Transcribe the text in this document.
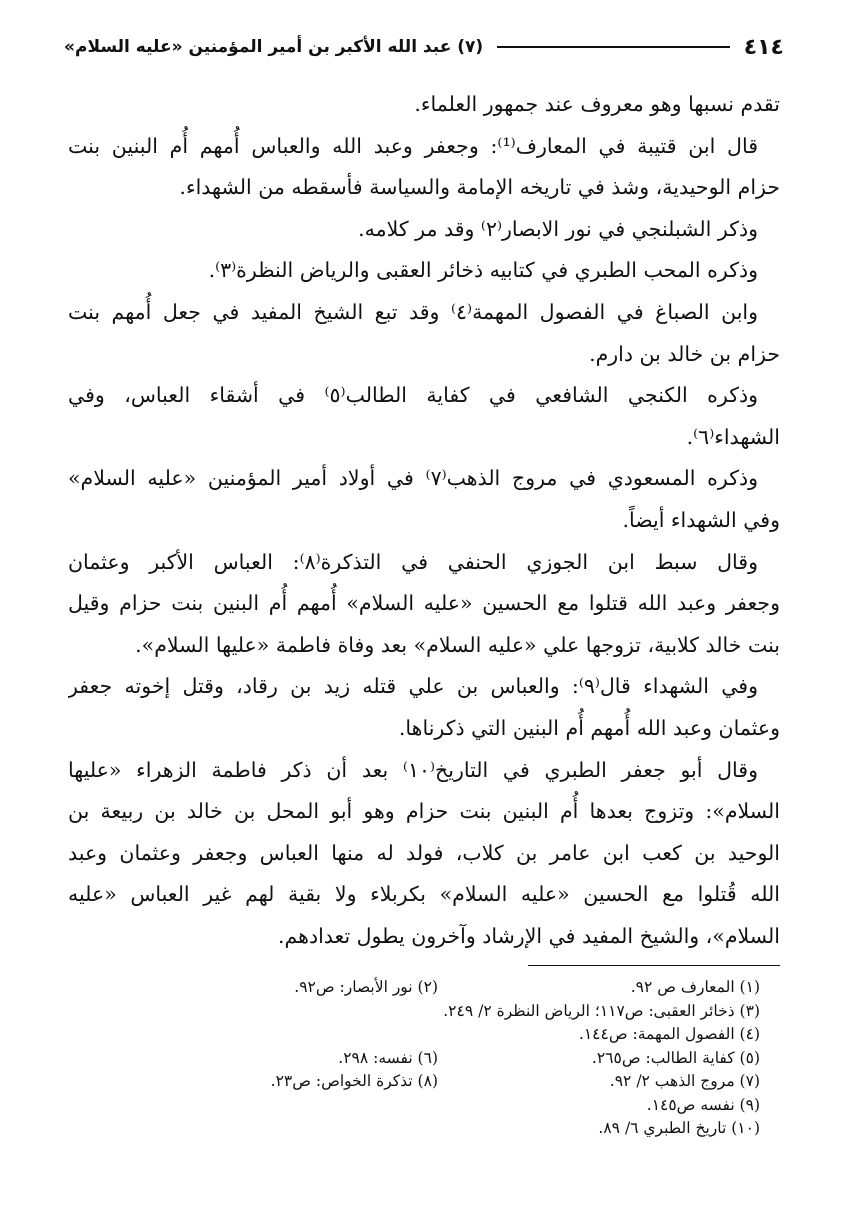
٤١٤
(٧) عبد الله الأكبر بن أمير المؤمنين «عليه السلام»
تقدم نسبها وهو معروف عند جمهور العلماء.
قال ابن قتيبة في المعارف⁽¹⁾: وجعفر وعبد الله والعباس أُمهم أُم البنين بنت
حزام الوحيدية، وشذ في تاريخه الإمامة والسياسة فأسقطه من الشهداء.
وذكر الشبلنجي في نور الابصار⁽٢⁾ وقد مر كلامه.
وذكره المحب الطبري في كتابيه ذخائر العقبى والرياض النظرة⁽٣⁾.
وابن الصباغ في الفصول المهمة⁽٤⁾ وقد تبع الشيخ المفيد في جعل أُمهم بنت
حزام بن خالد بن دارم.
وذكره الكنجي الشافعي في كفاية الطالب⁽٥⁾ في أشقاء العباس، وفي
الشهداء⁽٦⁾.
وذكره المسعودي في مروج الذهب⁽٧⁾ في أولاد أمير المؤمنين «عليه السلام»
وفي الشهداء أيضاً.
وقال سبط ابن الجوزي الحنفي في التذكرة⁽٨⁾: العباس الأكبر وعثمان
وجعفر وعبد الله قتلوا مع الحسين «عليه السلام» أُمهم أُم البنين بنت حزام وقيل
بنت خالد كلابية، تزوجها علي «عليه السلام» بعد وفاة فاطمة «عليها السلام».
وفي الشهداء قال⁽٩⁾: والعباس بن علي قتله زيد بن رقاد، وقتل إخوته جعفر
وعثمان وعبد الله أُمهم أُم البنين التي ذكرناها.
وقال أبو جعفر الطبري في التاريخ⁽١٠⁾ بعد أن ذكر فاطمة الزهراء «عليها
السلام»: وتزوج بعدها أُم البنين بنت حزام وهو أبو المحل بن خالد بن ربيعة بن
الوحيد بن كعب ابن عامر بن كلاب، فولد له منها العباس وجعفر وعثمان وعبد
الله قُتلوا مع الحسين «عليه السلام» بكربلاء ولا بقية لهم غير العباس «عليه
السلام»، والشيخ المفيد في الإرشاد وآخرون يطول تعدادهم.
(١) المعارف ص ٩٢.
(٢) نور الأبصار: ص٩٢.
(٣) ذخائر العقبى: ص١١٧؛ الرياض النظرة ٢/ ٢٤٩.
(٤) الفصول المهمة: ص١٤٤.
(٥) كفاية الطالب: ص٢٦٥.
(٦) نفسه: ٢٩٨.
(٧) مروج الذهب ٢/ ٩٢.
(٨) تذكرة الخواص: ص٢٣.
(٩) نفسه ص١٤٥.
(١٠) تاريخ الطبري ٦/ ٨٩.
